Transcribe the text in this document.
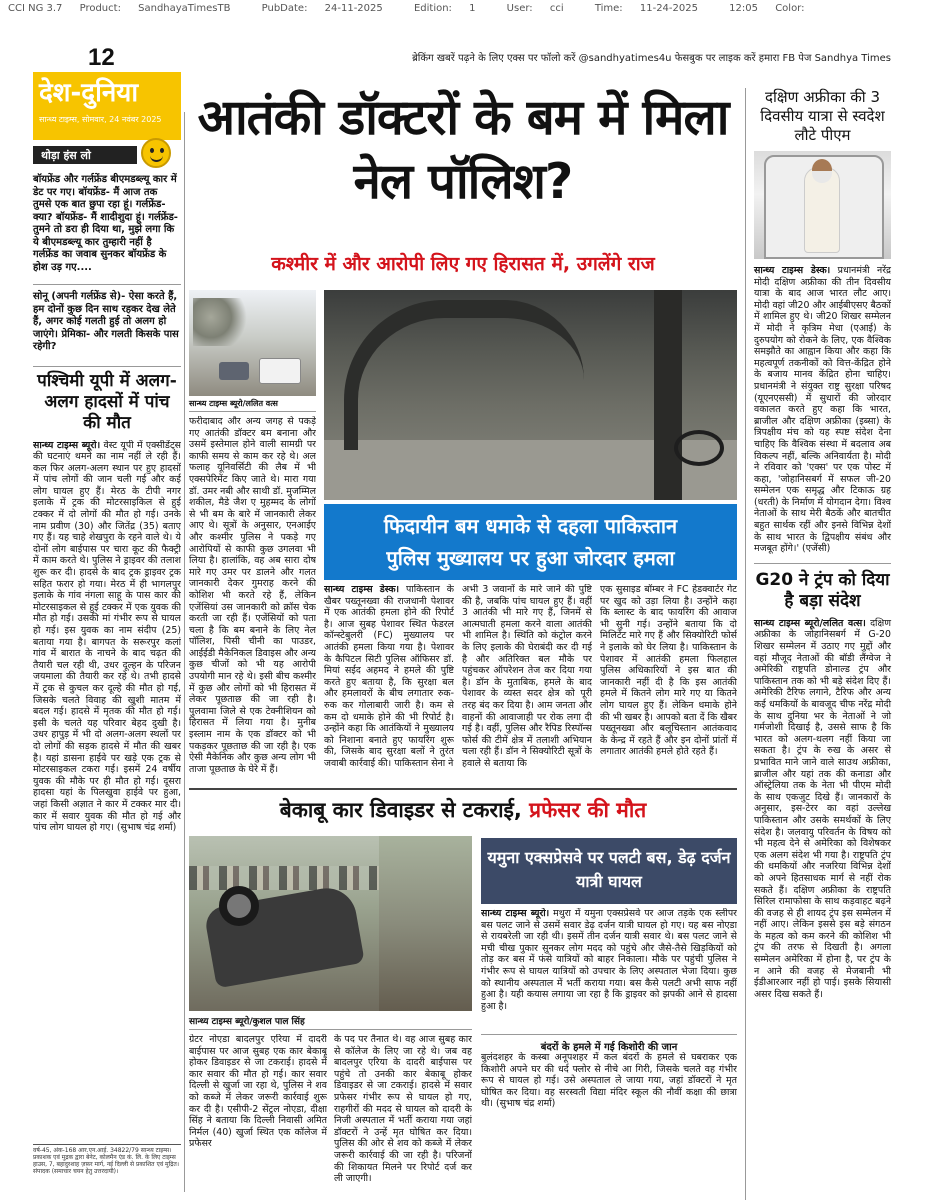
CCI NG 3.7 Product: SandhayaTimesTB	PubDate: 24-11-2025	Edition: 1	User: cci	Time: 11-24-2025	12:05 Color:
12	ब्रेकिंग खबरें पढ़ने के लिए एक्स पर फॉलो करें @sandhyatimes4u फेसबुक पर लाइक करें हमारा FB पेज Sandhya Times
देश-दुनिया
सान्ध्य टाइम्स, सोमवार, 24 नवंबर 2025
थोड़ा हंस लो
बॉयफ्रेंड और गर्लफ्रेंड बीएमडब्ल्यू कार में डेट पर गए। बॉयफ्रेंड- मैं आज तक तुमसे एक बात छुपा रहा हूं। गर्लफ्रेंड- क्या? बॉयफ्रेंड- मैं शादीशुदा हूं। गर्लफ्रेंड- तुमने तो डरा ही दिया था, मुझे लगा कि ये बीएमडब्ल्यू कार तुम्हारी नहीं है गर्लफ्रेंड का जवाब सुनकर बॉयफ्रेंड के होश उड़ गए....
सोनू (अपनी गर्लफ्रेंड से)- ऐसा करते हैं, हम दोनों कुछ दिन साथ रहकर देख लेते हैं, अगर कोई गलती हुई तो अलग हो जाएंगे। प्रेमिका- और गलती किसके पास रहेगी?
पश्चिमी यूपी में अलग-अलग हादसों में पांच की मौत
सान्ध्य टाइम्स ब्यूरो। वेस्ट यूपी में एक्सीडेंट्स की घटनाएं थमने का नाम नहीं ले रही हैं। कल फिर अलग-अलग स्थान पर हुए हादसों में पांच लोगों की जान चली गई और कई लोग घायल हुए हैं। मेरठ के टीपी नगर इलाके में ट्रक की मोटरसाइकिल से हुई टक्कर में दो लोगों की मौत हो गई। उनके नाम प्रवीण (30) और जितेंद्र (35) बताए गए हैं। यह चाहे शेखपुरा के रहने वाले थे। ये दोनों लोग बाईपास पर चारा कूट की फैक्ट्री में काम करते थे। पुलिस ने ड्राइवर की तलाश शुरू कर दी। हादसे के बाद ट्रक ड्राइवर ट्रक सहित फरार हो गया। मेरठ में ही भागलपुर इलाके के गांव नंगला साहू के पास कार की मोटरसाइकल से हुई टक्कर में एक युवक की मौत हो गई। उसकी मां गंभीर रूप से घायल हो गई। इस युवक का नाम संदीप (25) बताया गया है। बागपत के सरूरपुर कलां गांव में बारात के नाचने के बाद चढ़त की तैयारी चल रही थी, उधर दूल्हन के परिजन जयमाला की तैयारी कर रहे थे। तभी हादसे में ट्रक से कुचल कर दूल्हे की मौत हो गई, जिसके चलते विवाह की खुशी मातम में बदल गई। हादसे में मृतक की मौत हो गई। इसी के चलते यह परिवार बेहद दुखी है। उधर हापुड़ में भी दो अलग-अलग स्थलों पर दो लोगों की सड़क हादसे में मौत की खबर है। यहां डासना हाईवे पर खड़े एक ट्रक से मोटरसाइकल टकरा गई। इसमें 24 वर्षीय युवक की मौके पर ही मौत हो गई। दूसरा हादसा यहां के पिलखुवा हाईवे पर हुआ, जहां किसी अज्ञात ने कार में टक्कर मार दी। कार में सवार युवक की मौत हो गई और पांच लोग घायल हो गए। (सुभाष चंद्र शर्मा)
वर्ष-45, अंक-168 आर.एन.आई. 34822/79 सान्ध्य टाइम्स। प्रकाशक एवं मुद्रक द्वारा बेनेट, कोलमैन एंड कं. लि. के लिए टाइम्स हाउस, 7, बहादुरशाह ज़फ़र मार्ग, नई दिल्ली से प्रकाशित एवं मुद्रित। संपादक (समाचार चयन हेतु उत्तरदायी)।
आतंकी डॉक्टरों के बम में मिला नेल पॉलिश?
कश्मीर में और आरोपी लिए गए हिरासत में, उगलेंगे राज
सान्ध्य टाइम्स ब्यूरो/ललित वत्स
फरीदाबाद और अन्य जगह से पकड़े गए आतंकी डॉक्टर बम बनाना और उसमें इस्तेमाल होने वाली सामग्री पर काफी समय से काम कर रहे थे। अल फलाह यूनिवर्सिटी की लैब में भी एक्सपेरिमेंट किए जाते थे। मारा गया डॉ. उमर नबी और साथी डॉ. मुजम्मिल शकील, मैडे जैश ए मुहम्मद के लोगों से भी बम के बारे में जानकारी लेकर आए थे। सूत्रों के अनुसार, एनआईए और कश्मीर पुलिस ने पकड़े गए आरोपियों से काफी कुछ उगलवा भी लिया है। हालांकि, वह अब सारा दोष मारे गए उमर पर डालने और गलत जानकारी देकर गुमराह करने की कोशिश भी करते रहे हैं, लेकिन एजेंसियां उस जानकारी को क्रॉस चेक करती जा रही हैं। एजेंसियों को पता चला है कि बम बनाने के लिए नेल पॉलिश, पिसी चीनी का पाउडर, आईईडी मैकेनिकल डिवाइस और अन्य कुछ चीजों को भी यह आरोपी उपयोगी मान रहे थे। इसी बीच कश्मीर में कुछ और लोगों को भी हिरासत में लेकर पूछताछ की जा रही है। पुलवामा जिले से एक टेक्नीशियन को हिरासत में लिया गया है। मुनीब इस्लाम नाम के एक डॉक्टर को भी पकड़कर पूछताछ की जा रही है। एक ऐसी मैकेनिक और कुछ अन्य लोग भी ताजा पूछताछ के घेरे में हैं।
फिदायीन बम धमाके से दहला पाकिस्तान
पुलिस मुख्यालय पर हुआ जोरदार हमला
सान्ध्य टाइम्स डेस्क। पाकिस्तान के खैबर पख्तूनख्वा की राजधानी पेशावर में एक आतंकी हमला होने की रिपोर्ट है। आज सुबह पेशावर स्थित फेडरल कॉन्स्टेबुलरी (FC) मुख्यालय पर आतंकी हमला किया गया है। पेशावर के कैपिटल सिटी पुलिस ऑफिसर डॉ. मियां सईद अहमद ने हमले की पुष्टि करते हुए बताया है, कि सुरक्षा बल और हमलावरों के बीच लगातार रुक-रुक कर गोलाबारी जारी है। कम से कम दो धमाके होने की भी रिपोर्ट है। उन्होंने कहा कि आतंकियों ने मुख्यालय को निशाना बनाते हुए फायरिंग शुरू की, जिसके बाद सुरक्षा बलों ने तुरंत जवाबी कार्रवाई की। पाकिस्तान सेना ने
अभी 3 जवानों के मारे जाने की पुष्टि की है, जबकि पांच घायल हुए हैं। वहीं 3 आतंकी भी मारे गए हैं, जिनमें से आत्मघाती हमला करने वाला आतंकी भी शामिल है। स्थिति को कंट्रोल करने के लिए इलाके की घेराबंदी कर दी गई है और अतिरिक्त बल मौके पर पहुंचकर ऑपरेशन तेज कर दिया गया है। डॉन के मुताबिक, हमले के बाद पेशावर के व्यस्त सदर क्षेत्र को पूरी तरह बंद कर दिया है। आम जनता और वाहनों की आवाजाही पर रोक लगा दी गई है। वहीं, पुलिस और रैपिड रिस्पॉन्स फोर्स की टीमें क्षेत्र में तलाशी अभियान चला रही हैं। डॉन ने सिक्योरिटी सूत्रों के हवाले से बताया कि
एक सुसाइड बॉम्बर ने FC हेडक्वार्टर गेट पर खुद को उड़ा लिया है। उन्होंने कहा कि ब्लास्ट के बाद फायरिंग की आवाज भी सुनी गई। उन्होंने बताया कि दो मिलिटेंट मारे गए हैं और सिक्योरिटी फोर्स ने इलाके को घेर लिया है। पाकिस्तान के पेशावर में आतंकी हमला फिलहाल पुलिस अधिकारियों ने इस बात की जानकारी नहीं दी है कि इस आतंकी हमले में कितने लोग मारे गए या कितने लोग घायल हुए हैं। लेकिन धमाके होने की भी खबर है। आपको बता दें कि खैबर पख्तूनख्वा और बलूचिस्तान आतंकवाद के केन्द्र में रहते हैं और इन दोनों प्रांतों में लगातार आतंकी हमले होते रहते हैं।
बेकाबू कार डिवाइडर से टकराई, प्रफेसर की मौत
सान्ध्य टाइम्स ब्यूरो/कुशल पाल सिंह
ग्रेटर नोएडा बादलपुर एरिया में दादरी बाईपास पर आज सुबह एक कार बेकाबू होकर डिवाइडर से जा टकराई। हादसे में कार सवार की मौत हो गई। कार सवार दिल्ली से खुर्जा जा रहा थे, पुलिस ने शव को कब्जे में लेकर जरूरी कार्रवाई शुरू कर दी है। एसीपी-2 सेंट्रल नोएडा, दीक्षा सिंह ने बताया कि दिल्ली निवासी अमित निर्मल (40) खुर्जा स्थित एक कॉलेज में प्रफेसर
के पद पर तैनात थे। वह आज सुबह कार से कॉलेज के लिए जा रहे थे। जब वह बादलपुर एरिया के दादरी बाईपास पर पहुंचे तो उनकी कार बेकाबू होकर डिवाइडर से जा टकराई। हादसे में सवार प्रफेसर गंभीर रूप से घायल हो गए, राहगीरों की मदद से घायल को दादरी के निजी अस्पताल में भर्ती कराया गया जहां डॉक्टरों ने उन्हें मृत घोषित कर दिया। पुलिस की ओर से शव को कब्जे में लेकर जरूरी कार्रवाई की जा रही है। परिजनों की शिकायत मिलने पर रिपोर्ट दर्ज कर ली जाएगी।
यमुना एक्सप्रेसवे पर पलटी बस, डेढ़ दर्जन यात्री घायल
सान्ध्य टाइम्स ब्यूरो। मथुरा में यमुना एक्सप्रेसवे पर आज तड़के एक स्लीपर बस पलट जाने से उसमें सवार डेढ़ दर्जन यात्री घायल हो गए। यह बस नोएडा से रायबरेली जा रही थी। इसमें तीन दर्जन यात्री सवार थे। बस पलट जाने से मची चीख पुकार सुनकर लोग मदद को पहुंचे और जैसे-तैसे खिड़कियों को तोड़ कर बस में फंसे यात्रियों को बाहर निकाला। मौके पर पहुंची पुलिस ने गंभीर रूप से घायल यात्रियों को उपचार के लिए अस्पताल भेजा दिया। कुछ को स्थानीय अस्पताल में भर्ती कराया गया। बस कैसे पलटी अभी साफ नहीं हुआ है। यही कयास लगाया जा रहा है कि ड्राइवर को झपकी आने से हादसा हुआ है।
बंदरों के हमले में गई किशोरी की जान
बुलंदशहर के कस्बा अनूपशहर में कल बंदरों के हमले से घबराकर एक किशोरी अपने घर की धर्द फ्लोर से नीचे आ गिरी, जिसके चलते वह गंभीर रूप से घायल हो गई। उसे अस्पताल ले जाया गया, जहां डॉक्टरों ने मृत घोषित कर दिया। वह सरस्वती विद्या मंदिर स्कूल की नौवीं कक्षा की छात्रा थी। (सुभाष चंद्र शर्मा)
दक्षिण अफ्रीका की 3 दिवसीय यात्रा से स्वदेश लौटे पीएम
सान्ध्य टाइम्स डेस्क। प्रधानमंत्री नरेंद्र मोदी दक्षिण अफ्रीका की तीन दिवसीय यात्रा के बाद आज भारत लौट आए। मोदी वहां जी20 और आईबीएसए बैठकों में शामिल हुए थे। जी20 शिखर सम्मेलन में मोदी ने कृत्रिम मेधा (एआई) के दुरुपयोग को रोकने के लिए, एक वैश्विक समझौते का आह्वान किया और कहा कि महत्वपूर्ण तकनीकों को वित्त-केंद्रित होने के बजाय मानव केंद्रित होना चाहिए। प्रधानमंत्री ने संयुक्त राष्ट्र सुरक्षा परिषद (यूएनएससी) में सुधारों की जोरदार वकालत करते हुए कहा कि भारत, ब्राजील और दक्षिण अफ्रीका (इब्सा) के त्रिपक्षीय मंच को यह स्पष्ट संदेश देना चाहिए कि वैश्विक संस्था में बदलाव अब विकल्प नहीं, बल्कि अनिवार्यता है। मोदी ने रविवार को 'एक्स' पर एक पोस्ट में कहा, 'जोहानिसबर्ग में सफल जी-20 सम्मेलन एक समृद्ध और टिकाऊ ग्रह (धरती) के निर्माण में योगदान देगा। विश्व नेताओं के साथ मेरी बैठकें और बातचीत बहुत सार्थक रहीं और इनसे विभिन्न देशों के साथ भारत के द्विपक्षीय संबंध और मजबूत होंगे।' (एजेंसी)
G20 ने ट्रंप को दिया है बड़ा संदेश
सान्ध्य टाइम्स ब्यूरो/ललित वत्स। दक्षिण अफ्रीका के जोहानिसबर्ग में G-20 शिखर सम्मेलन में उठाए गए मुद्दों और वहां मौजूद नेताओं की बॉडी लैंग्वेज ने अमेरिकी राष्ट्रपति डोनाल्ड ट्रंप और पाकिस्तान तक को भी बड़े संदेश दिए हैं। अमेरिकी टैरिफ लगाने, टैरिफ और अन्य कई धमकियों के बावजूद चीफ नरेंद्र मोदी के साथ दुनिया भर के नेताओं ने जो गर्मजोशी दिखाई है, उससे साफ है कि भारत को अलग-थलग नहीं किया जा सकता है। ट्रंप के रुख के असर से प्रभावित माने जाने वाले साउथ अफ्रीका, ब्राजील और यहां तक की कनाडा और ऑस्ट्रेलिया तक के नेता भी पीएम मोदी के साथ एकजुट दिखे हैं। जानकारों के अनुसार, इस-टेरर का वहां उल्लेख पाकिस्तान और उसके समर्थकों के लिए संदेश है। जलवायु परिवर्तन के विषय को भी महत्व देने से अमेरिका को विशेषकर एक अलग संदेश भी गया है। राष्ट्रपति ट्रंप की धमकियों और नजरिया विभिन्न देशों को अपने हितसाधक मार्ग से नहीं रोक सकते हैं। दक्षिण अफ्रीका के राष्ट्रपति सिरिल रामाफोसा के साथ कड़वाहट बढ़ने की वजह से ही शायद ट्रंप इस सम्मेलन में नहीं आए। लेकिन इससे इस बड़े संगठन के महत्व को कम करने की कोशिश भी ट्रंप की तरफ से दिखती है। अगला सम्मेलन अमेरिका में होना है, पर ट्रंप के न आने की वजह से मेजबानी भी ईडीआरआर नहीं हो पाई। इसके सियासी असर दिख सकते हैं।
